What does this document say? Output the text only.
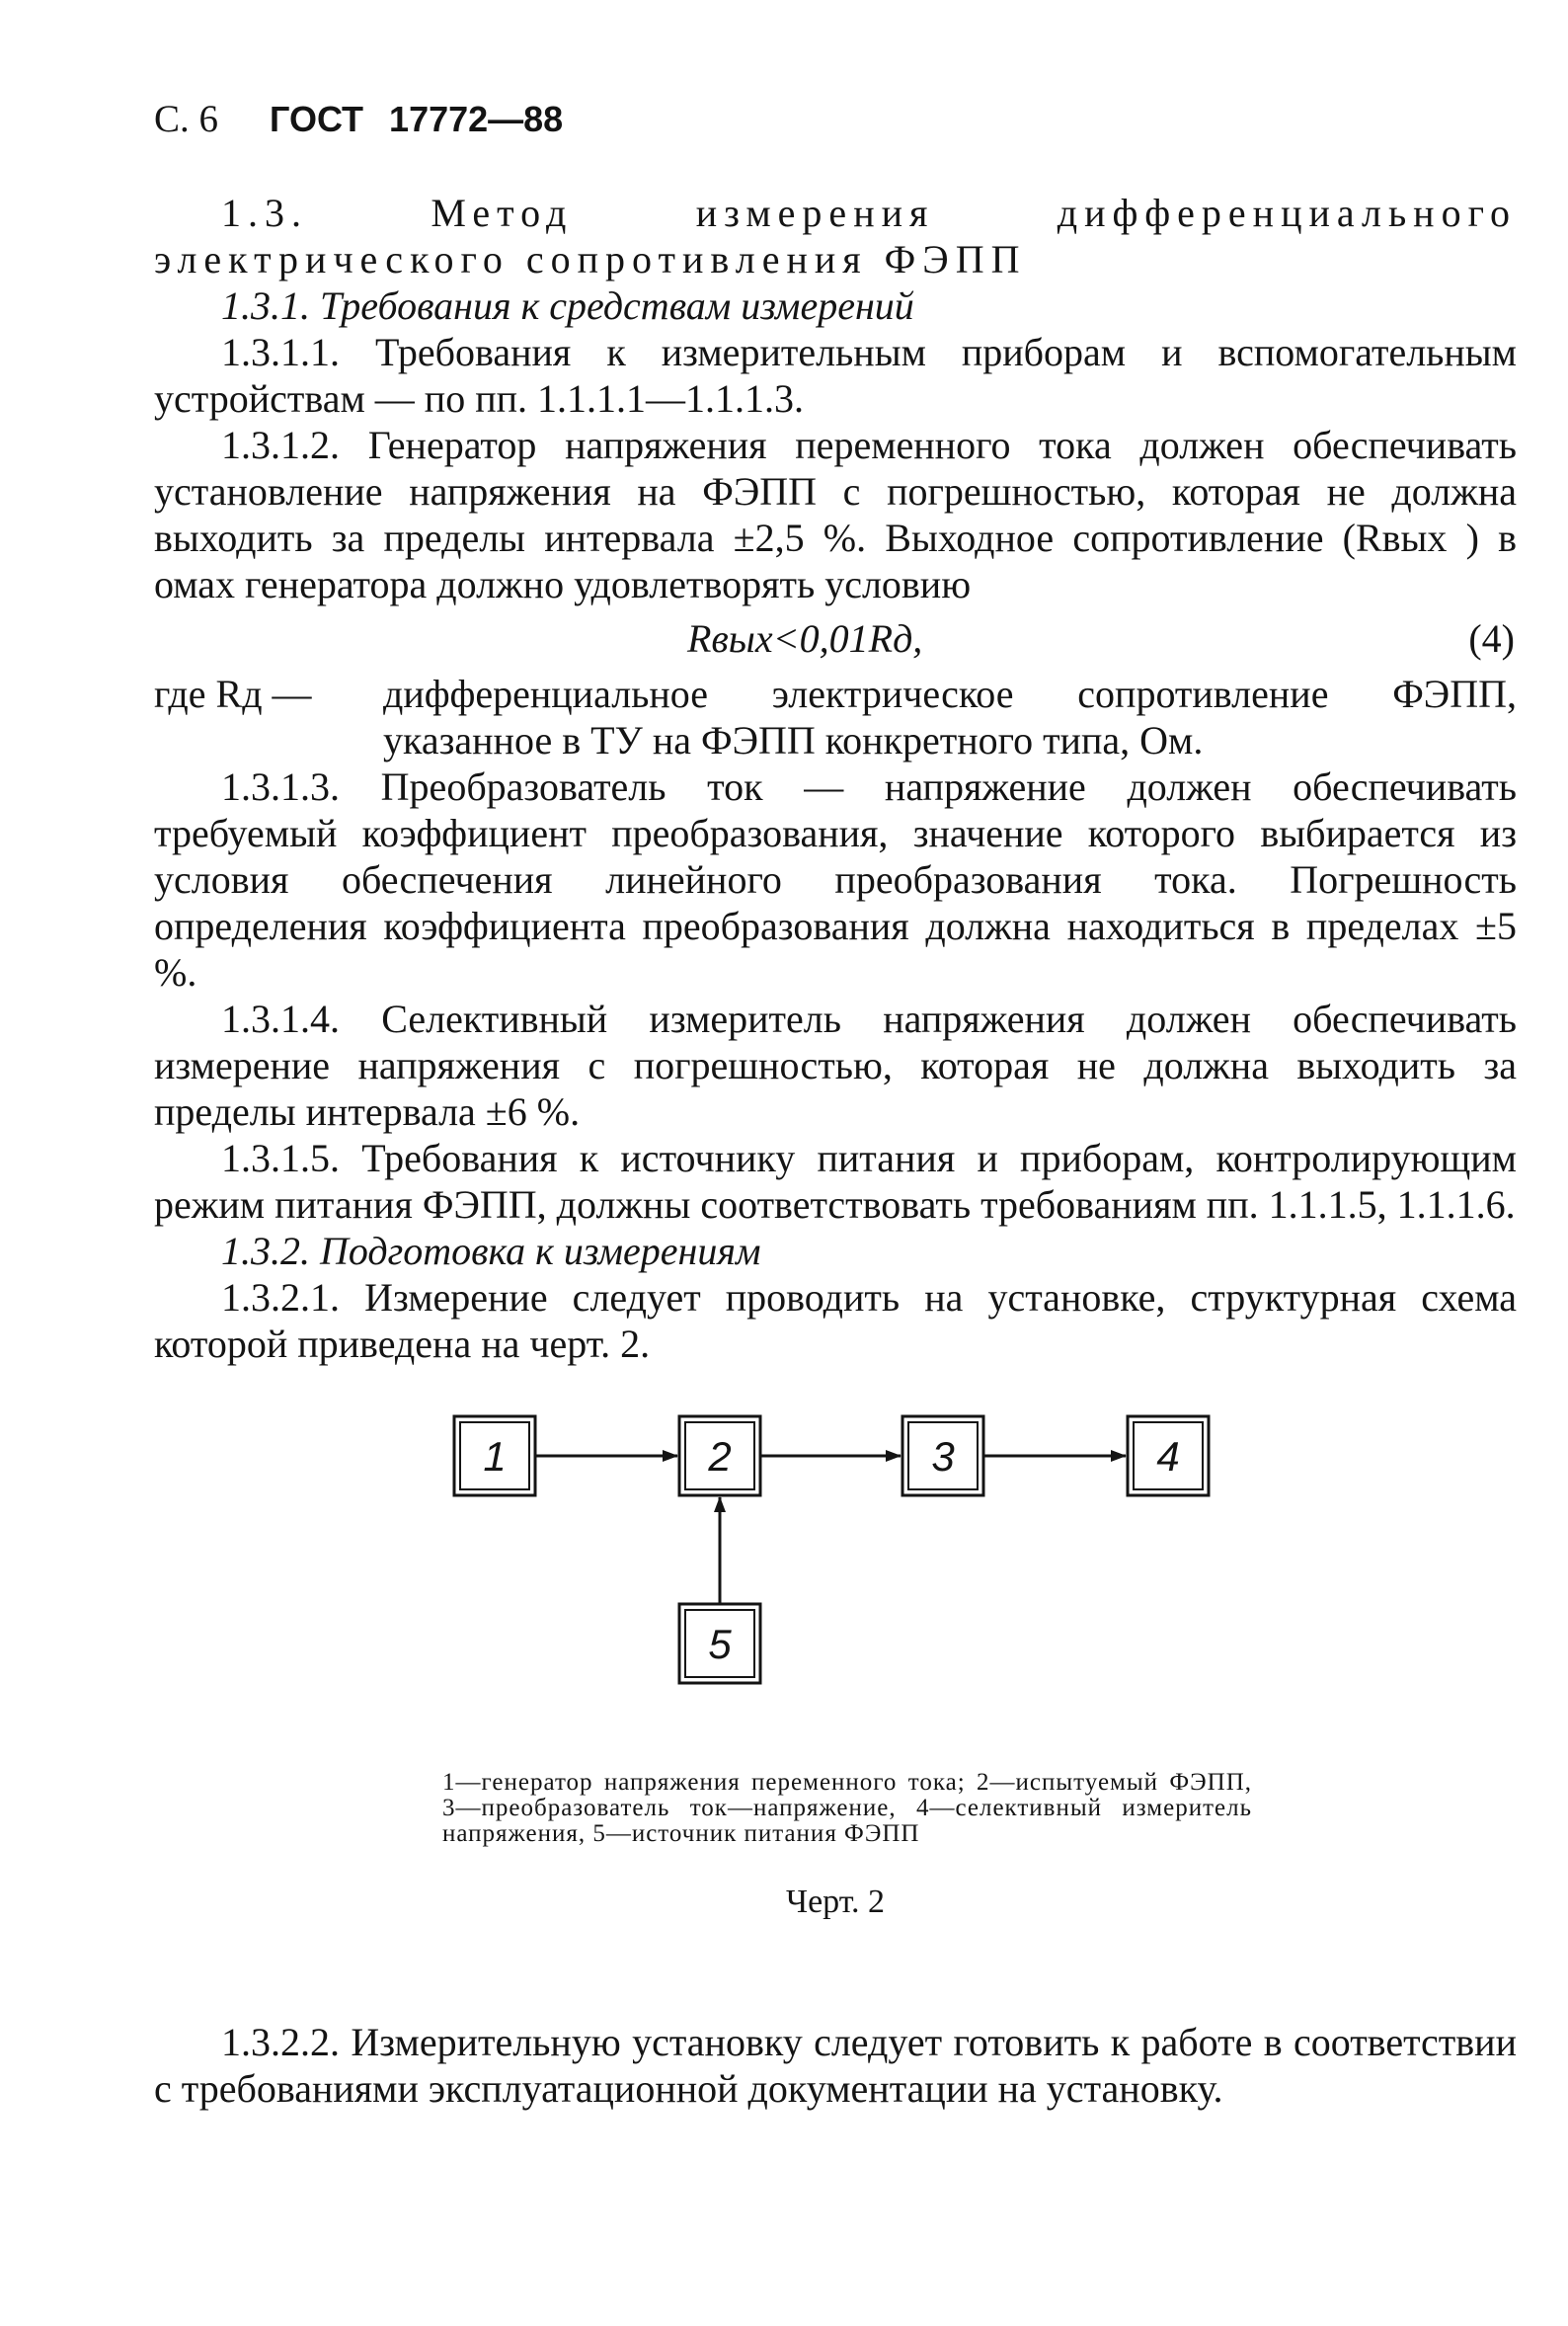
С. 6 ГОСТ 17772—88

1.3. Метод измерения дифференциального электрического сопротивления ФЭПП

1.3.1. Требования к средствам измерений

1.3.1.1. Требования к измерительным приборам и вспомогательным устройствам — по пп. 1.1.1.1—1.1.1.3.

1.3.1.2. Генератор напряжения переменного тока должен обеспечивать установление напряжения на ФЭПП с погрешностью, которая не должна выходить за пределы интервала ±2,5 %. Выходное сопротивление (Rвых ) в омах генератора должно удовлетворять условию

Rвых<0,01Rд,	(4)
где Rд —	дифференциальное электрическое сопротивление ФЭПП, указанное в ТУ на ФЭПП конкретного типа, Ом.

1.3.1.3. Преобразователь ток — напряжение должен обеспечивать требуемый коэффициент преобразования, значение которого выбирается из условия обеспечения линейного преобразования тока. Погрешность определения коэффициента преобразования должна находиться в пределах ±5 %.

1.3.1.4. Селективный измеритель напряжения должен обеспечивать измерение напряжения с погрешностью, которая не должна выходить за пределы интервала ±6 %.

1.3.1.5. Требования к источнику питания и приборам, контролирующим режим питания ФЭПП, должны соответствовать требованиям пп. 1.1.1.5, 1.1.1.6.

1.3.2. Подготовка к измерениям

1.3.2.1. Измерение следует проводить на установке, структурная схема которой приведена на черт. 2.

1	2	3	4
5
1—генератор напряжения переменного тока; 2—испытуемый ФЭПП, 3—преобразователь ток—напряжение, 4—селективный измеритель напряжения, 5—источник питания ФЭПП
Черт. 2

1.3.2.2. Измерительную установку следует готовить к работе в соответствии с требованиями эксплуатационной документации на установку.
